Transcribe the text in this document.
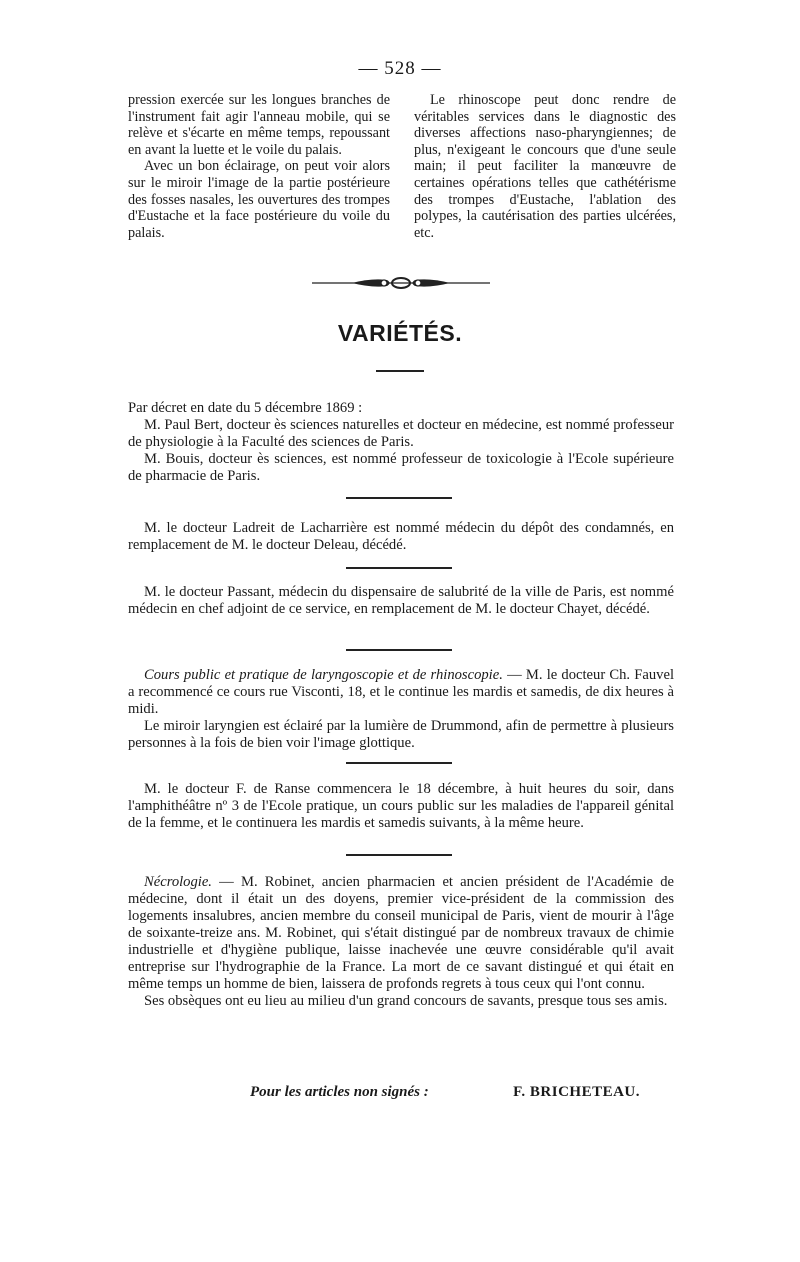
— 528 —

pression exercée sur les longues branches de l'instrument fait agir l'anneau mobile, qui se relève et s'écarte en même temps, repoussant en avant la luette et le voile du palais.

Avec un bon éclairage, on peut voir alors sur le miroir l'image de la partie postérieure des fosses nasales, les ouvertures des trompes d'Eustache et la face postérieure du voile du palais.

Le rhinoscope peut donc rendre de véritables services dans le diagnostic des diverses affections naso-pharyngiennes; de plus, n'exigeant le concours que d'une seule main; il peut faciliter la manœuvre de certaines opérations telles que cathétérisme des trompes d'Eustache, l'ablation des polypes, la cautérisation des parties ulcérées, etc.

VARIÉTÉS.

Par décret en date du 5 décembre 1869 :

M. Paul Bert, docteur ès sciences naturelles et docteur en médecine, est nommé professeur de physiologie à la Faculté des sciences de Paris.

M. Bouis, docteur ès sciences, est nommé professeur de toxicologie à l'Ecole supérieure de pharmacie de Paris.

M. le docteur Ladreit de Lacharrière est nommé médecin du dépôt des condamnés, en remplacement de M. le docteur Deleau, décédé.

M. le docteur Passant, médecin du dispensaire de salubrité de la ville de Paris, est nommé médecin en chef adjoint de ce service, en remplacement de M. le docteur Chayet, décédé.

Cours public et pratique de laryngoscopie et de rhinoscopie. — M. le docteur Ch. Fauvel a recommencé ce cours rue Visconti, 18, et le continue les mardis et samedis, de dix heures à midi.

Le miroir laryngien est éclairé par la lumière de Drummond, afin de permettre à plusieurs personnes à la fois de bien voir l'image glottique.

M. le docteur F. de Ranse commencera le 18 décembre, à huit heures du soir, dans l'amphithéâtre nº 3 de l'Ecole pratique, un cours public sur les maladies de l'appareil génital de la femme, et le continuera les mardis et samedis suivants, à la même heure.

Nécrologie. — M. Robinet, ancien pharmacien et ancien président de l'Académie de médecine, dont il était un des doyens, premier vice-président de la commission des logements insalubres, ancien membre du conseil municipal de Paris, vient de mourir à l'âge de soixante-treize ans. M. Robinet, qui s'était distingué par de nombreux travaux de chimie industrielle et d'hygiène publique, laisse inachevée une œuvre considérable qu'il avait entreprise sur l'hydrographie de la France. La mort de ce savant distingué et qui était en même temps un homme de bien, laissera de profonds regrets à tous ceux qui l'ont connu.

Ses obsèques ont eu lieu au milieu d'un grand concours de savants, presque tous ses amis.

Pour les articles non signés :	F. BRICHETEAU.
